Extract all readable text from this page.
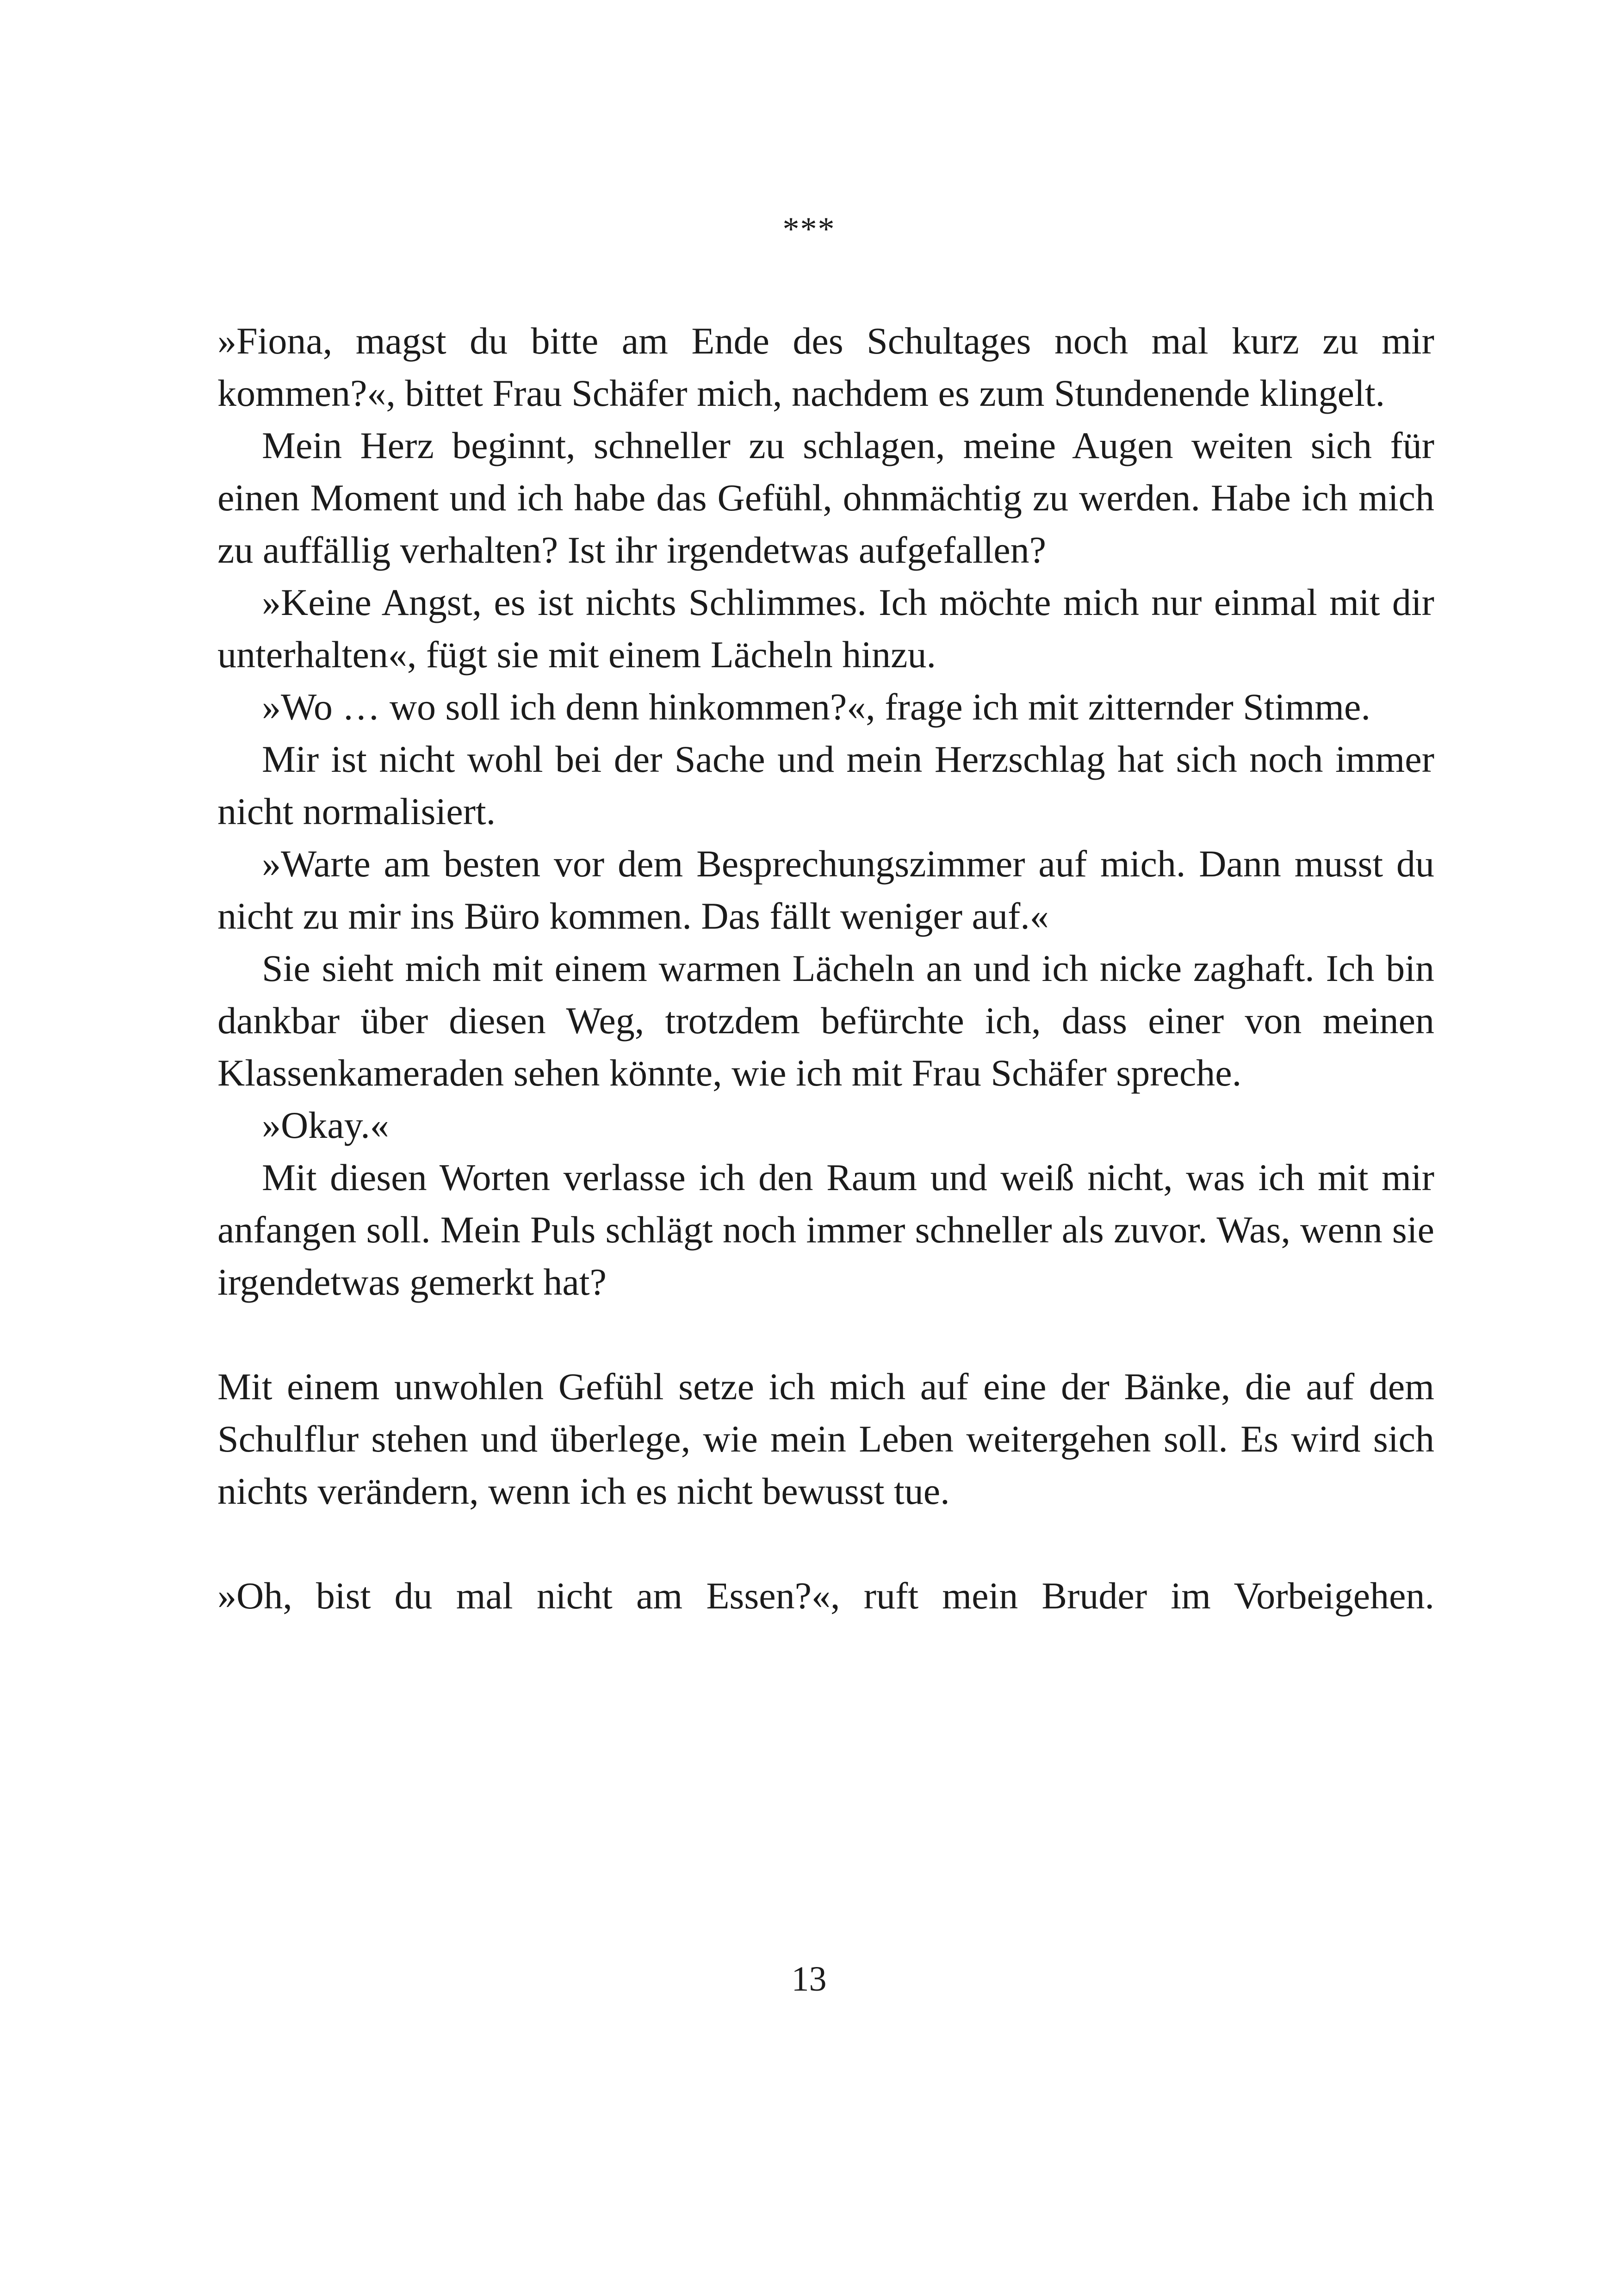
***

»Fiona, magst du bitte am Ende des Schultages noch mal kurz zu mir kommen?«, bittet Frau Schäfer mich, nachdem es zum Stundenende klingelt.

Mein Herz beginnt, schneller zu schlagen, meine Augen weiten sich für einen Moment und ich habe das Gefühl, ohnmächtig zu werden. Habe ich mich zu auffällig verhalten? Ist ihr irgendetwas aufgefallen?

»Keine Angst, es ist nichts Schlimmes. Ich möchte mich nur einmal mit dir unterhalten«, fügt sie mit einem Lächeln hinzu.

»Wo … wo soll ich denn hinkommen?«, frage ich mit zitternder Stimme.

Mir ist nicht wohl bei der Sache und mein Herzschlag hat sich noch immer nicht normalisiert.

»Warte am besten vor dem Besprechungszimmer auf mich. Dann musst du nicht zu mir ins Büro kommen. Das fällt weniger auf.«

Sie sieht mich mit einem warmen Lächeln an und ich nicke zaghaft. Ich bin dankbar über diesen Weg, trotzdem befürchte ich, dass einer von meinen Klassenkameraden sehen könnte, wie ich mit Frau Schäfer spreche.

»Okay.«

Mit diesen Worten verlasse ich den Raum und weiß nicht, was ich mit mir anfangen soll. Mein Puls schlägt noch immer schneller als zuvor. Was, wenn sie irgendetwas gemerkt hat?

Mit einem unwohlen Gefühl setze ich mich auf eine der Bänke, die auf dem Schulflur stehen und überlege, wie mein Leben weitergehen soll. Es wird sich nichts verändern, wenn ich es nicht bewusst tue.

»Oh, bist du mal nicht am Essen?«, ruft mein Bruder im Vorbeigehen.

13
